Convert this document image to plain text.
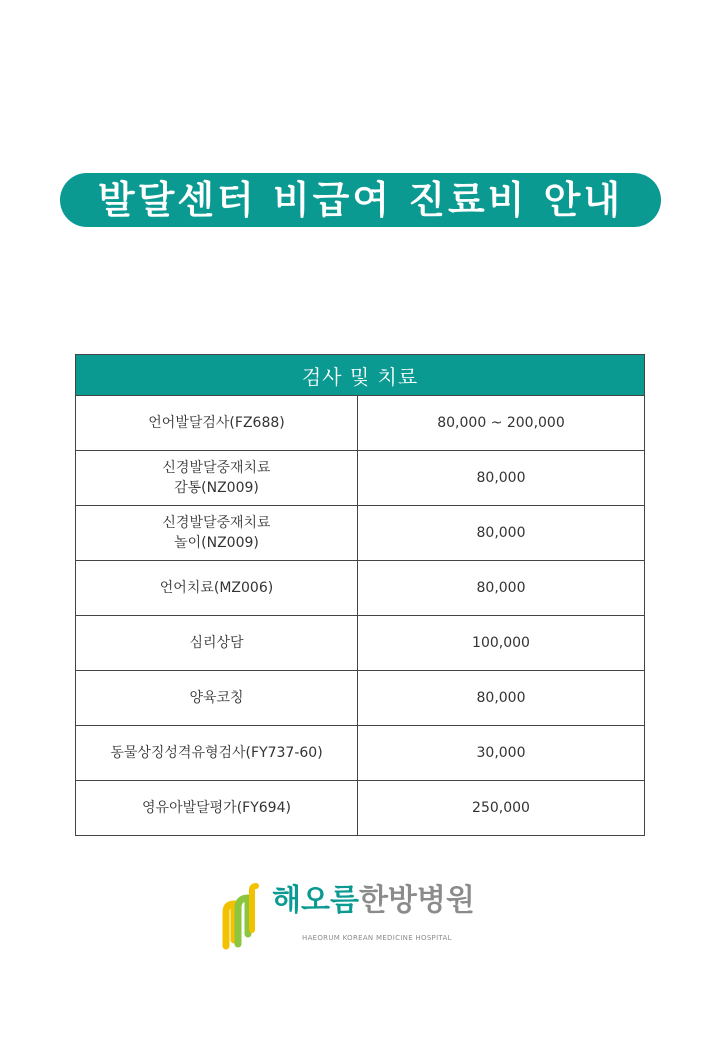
발달센터 비급여 진료비 안내
검사 및 치료	

언어발달검사(FZ688)	80,000 ~ 200,000

신경발달중재치료
감통(NZ009)	80,000

신경발달중재치료
놀이(NZ009)	80,000

언어치료(MZ006)	80,000

심리상담	100,000

양육코칭	80,000

동물상징성격유형검사(FY737-60)	30,000

영유아발달평가(FY694)	250,000
해오름한방병원
HAEORUM KOREAN MEDICINE HOSPITAL
